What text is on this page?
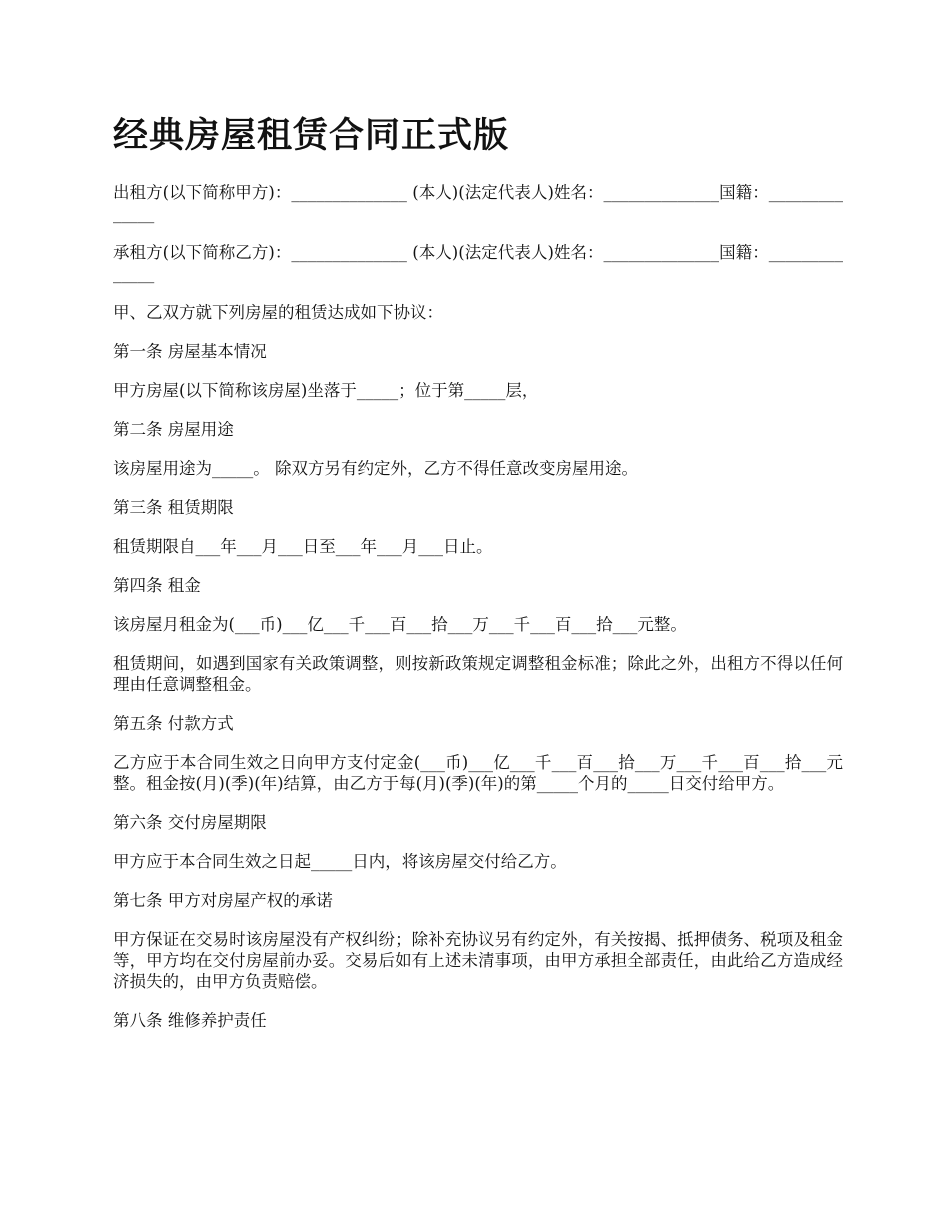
经典房屋租赁合同正式版

出租方(以下简称甲方)：______________ (本人)(法定代表人)姓名：______________国籍：______________

承租方(以下简称乙方)：______________ (本人)(法定代表人)姓名：______________国籍：______________

甲、乙双方就下列房屋的租赁达成如下协议：

第一条 房屋基本情况

甲方房屋(以下简称该房屋)坐落于_____；位于第_____层，

第二条 房屋用途

该房屋用途为_____。 除双方另有约定外，乙方不得任意改变房屋用途。

第三条 租赁期限

租赁期限自___年___月___日至___年___月___日止。

第四条 租金

该房屋月租金为(___币)___亿___千___百___拾___万___千___百___拾___元整。

租赁期间，如遇到国家有关政策调整，则按新政策规定调整租金标准；除此之外，出租方不得以任何理由任意调整租金。

第五条 付款方式

乙方应于本合同生效之日向甲方支付定金(___币)___亿___千___百___拾___万___千___百___拾___元整。租金按(月)(季)(年)结算，由乙方于每(月)(季)(年)的第_____个月的_____日交付给甲方。

第六条 交付房屋期限

甲方应于本合同生效之日起_____日内，将该房屋交付给乙方。

第七条 甲方对房屋产权的承诺

甲方保证在交易时该房屋没有产权纠纷；除补充协议另有约定外，有关按揭、抵押债务、税项及租金等，甲方均在交付房屋前办妥。交易后如有上述未清事项，由甲方承担全部责任，由此给乙方造成经济损失的，由甲方负责赔偿。

第八条 维修养护责任
